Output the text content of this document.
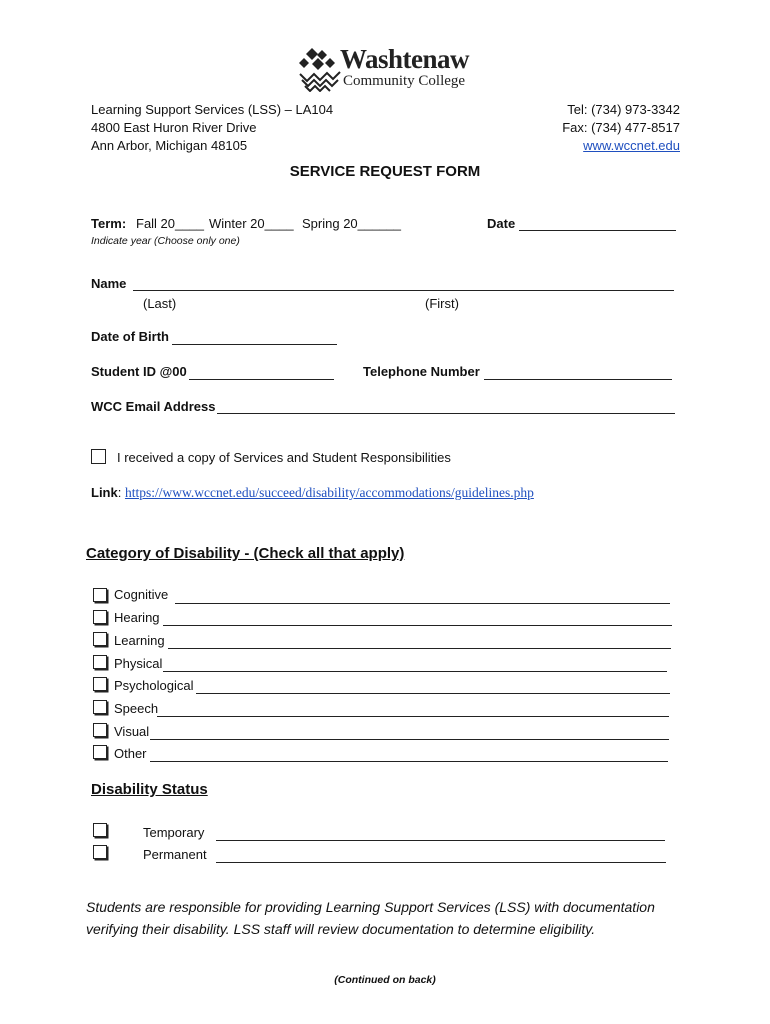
Washtenaw
Community College
Learning Support Services (LSS) – LA104
4800 East Huron River Drive
Ann Arbor, Michigan 48105
Tel: (734) 973-3342
Fax: (734) 477-8517
www.wccnet.edu
SERVICE REQUEST FORM
Term: Fall 20____ Winter 20____ Spring 20______
Indicate year (Choose only one)
Date
Name
(Last)	(First)
Date of Birth
Student ID @00	Telephone Number
WCC Email Address
I received a copy of Services and Student Responsibilities
Link: https://www.wccnet.edu/succeed/disability/accommodations/guidelines.php
Category of Disability - (Check all that apply)
Cognitive
Hearing
Learning
Physical
Psychological
Speech
Visual
Other
Disability Status
Temporary
Permanent
Students are responsible for providing Learning Support Services (LSS) with documentation verifying their disability. LSS staff will review documentation to determine eligibility.
(Continued on back)
